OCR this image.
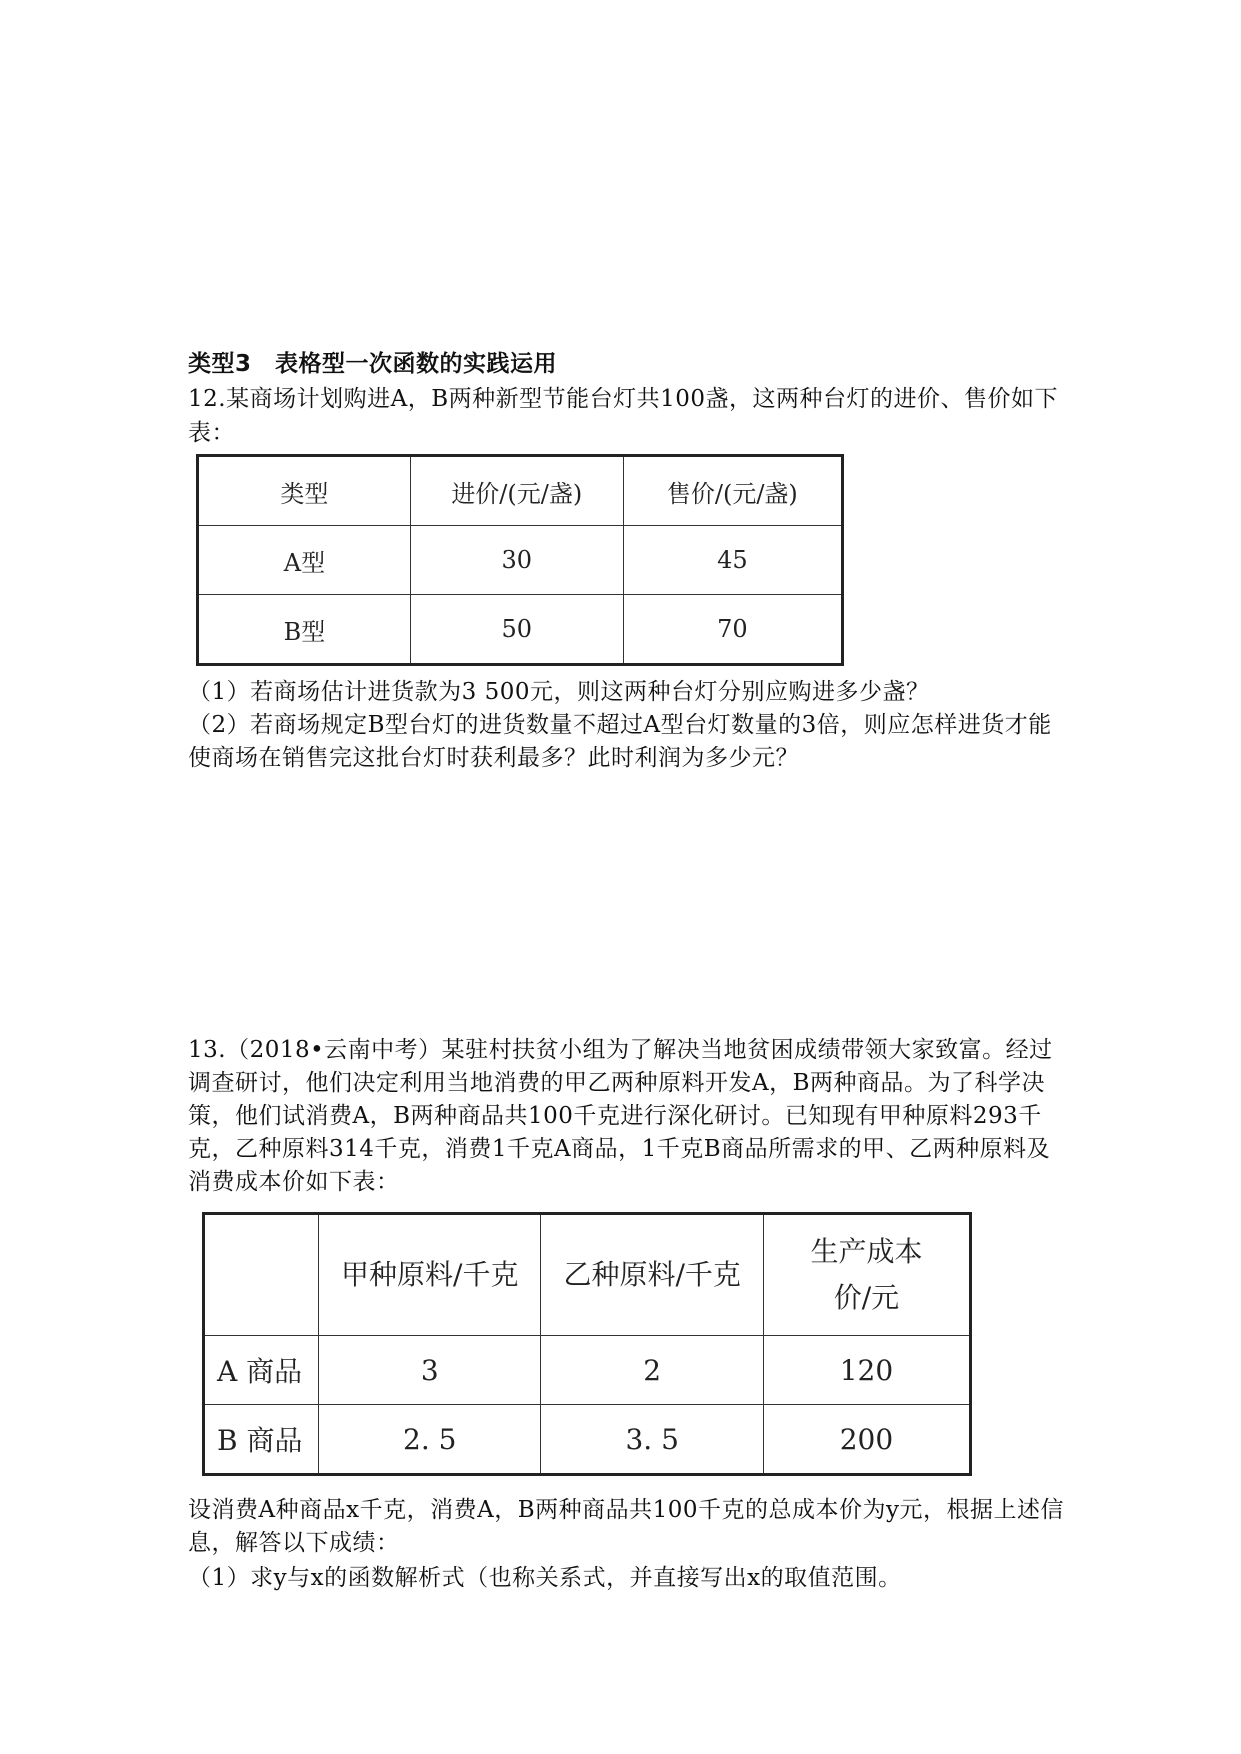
类型3　表格型一次函数的实践运用
12.某商场计划购进A，B两种新型节能台灯共100盏，这两种台灯的进价、售价如下表：
类型	进价/(元/盏)	售价/(元/盏)
A型	30	45
B型	50	70
（1）若商场估计进货款为3 500元，则这两种台灯分别应购进多少盏？
（2）若商场规定B型台灯的进货数量不超过A型台灯数量的3倍，则应怎样进货才能使商场在销售完这批台灯时获利最多？此时利润为多少元？
13.（2018•云南中考）某驻村扶贫小组为了解决当地贫困成绩带领大家致富。经过调查研讨，他们决定利用当地消费的甲乙两种原料开发A，B两种商品。为了科学决策，他们试消费A，B两种商品共100千克进行深化研讨。已知现有甲种原料293千克，乙种原料314千克，消费1千克A商品，1千克B商品所需求的甲、乙两种原料及消费成本价如下表：
	甲种原料/千克	乙种原料/千克	生产成本价/元
A 商品	3	2	120
B 商品	2. 5	3. 5	200
设消费A种商品x千克，消费A，B两种商品共100千克的总成本价为y元，根据上述信息，解答以下成绩：
（1）求y与x的函数解析式（也称关系式，并直接写出x的取值范围。
